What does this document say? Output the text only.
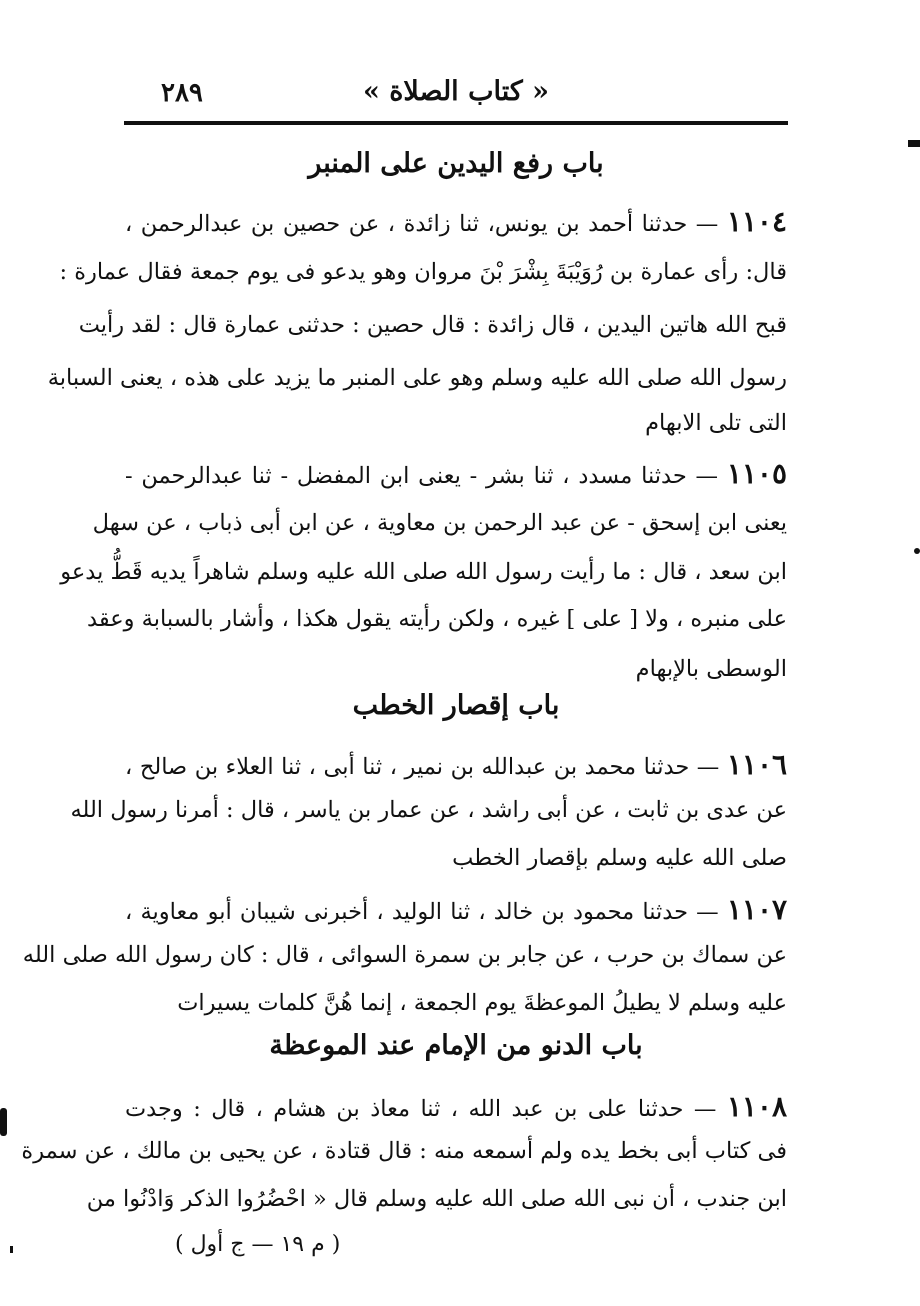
« كتاب الصلاة »
٢٨٩
باب رفع اليدين على المنبر
١١٠٤ — حدثنا أحمد بن يونس، ثنا زائدة ، عن حصين بن عبدالرحمن ،
قال: رأى عمارة بن رُوَيْبَةَ بِشْرَ بْنَ مروان وهو يدعو فى يوم جمعة فقال عمارة :
قبح الله هاتين اليدين ، قال زائدة : قال حصين : حدثنى عمارة قال : لقد رأيت
رسول الله صلى الله عليه وسلم وهو على المنبر ما يزيد على هذه ، يعنى السبابة
التى تلى الابهام
١١٠٥ — حدثنا مسدد ، ثنا بشر - يعنى ابن المفضل - ثنا عبدالرحمن -
يعنى ابن إسحق - عن عبد الرحمن بن معاوية ، عن ابن أبى ذباب ، عن سهل
ابن سعد ، قال : ما رأيت رسول الله صلى الله عليه وسلم شاهراً يديه قَطُّ يدعو
على منبره ، ولا [ على ] غيره ، ولكن رأيته يقول هكذا ، وأشار بالسبابة وعقد
الوسطى بالإبهام
باب إقصار الخطب
١١٠٦ — حدثنا محمد بن عبدالله بن نمير ، ثنا أبى ، ثنا العلاء بن صالح ،
عن عدى بن ثابت ، عن أبى راشد ، عن عمار بن ياسر ، قال : أمرنا رسول الله
صلى الله عليه وسلم بإقصار الخطب
١١٠٧ — حدثنا محمود بن خالد ، ثنا الوليد ، أخبرنى شيبان أبو معاوية ،
عن سماك بن حرب ، عن جابر بن سمرة السوائى ، قال : كان رسول الله صلى الله
عليه وسلم لا يطيلُ الموعظةَ يوم الجمعة ، إنما هُنَّ كلمات يسيرات
باب الدنو من الإمام عند الموعظة
١١٠٨ — حدثنا على بن عبد الله ، ثنا معاذ بن هشام ، قال : وجدت
فى كتاب أبى بخط يده ولم أسمعه منه : قال قتادة ، عن يحيى بن مالك ، عن سمرة
ابن جندب ، أن نبى الله صلى الله عليه وسلم قال « احْضُرُوا الذكر وَادْنُوا من
( م ١٩ — ج أول )
